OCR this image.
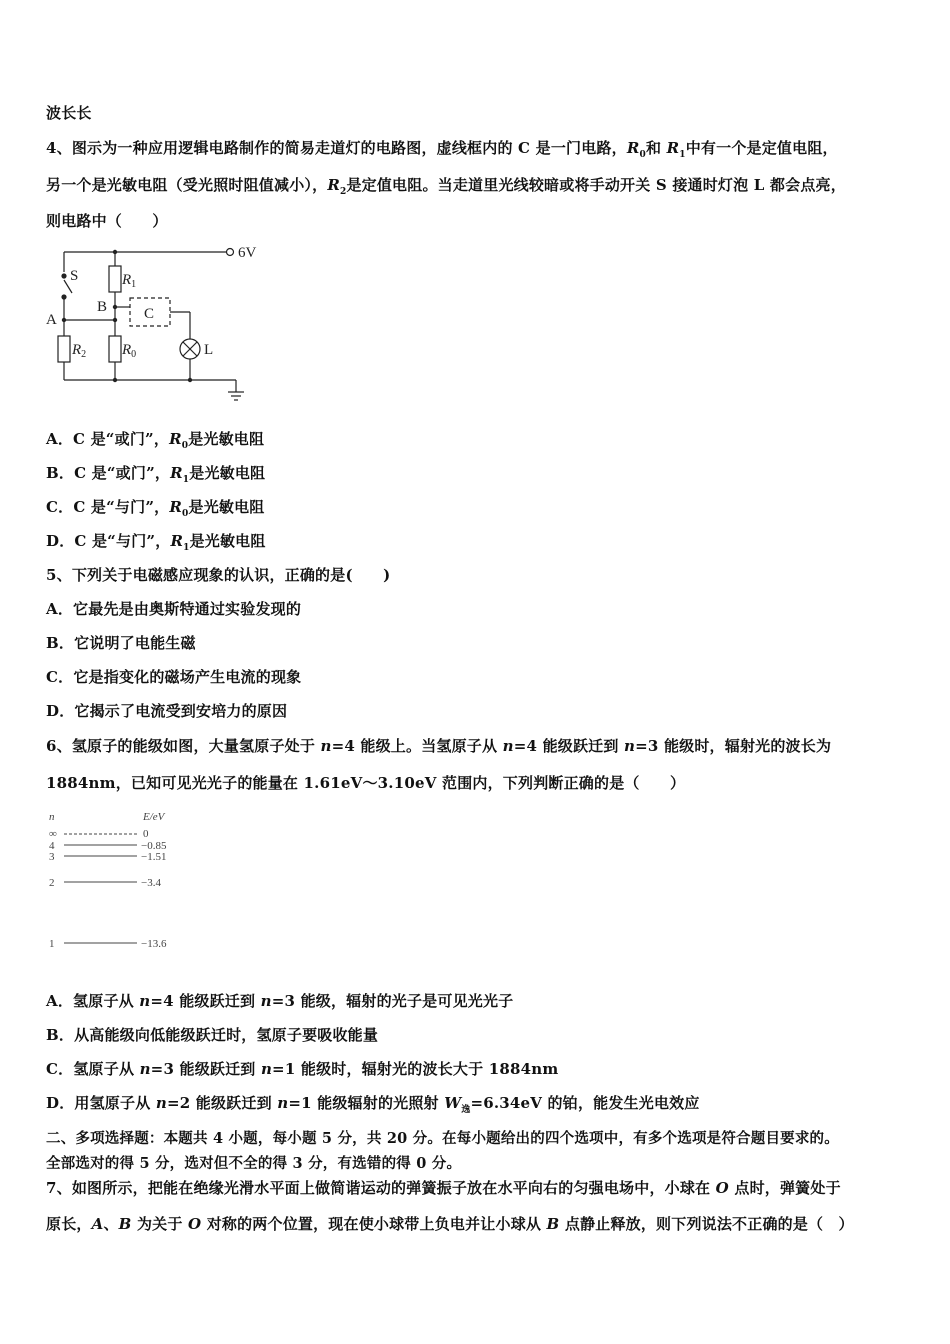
波长长
4、图示为一种应用逻辑电路制作的简易走道灯的电路图，虚线框内的 C 是一门电路，$R_0$和 $R_1$中有一个是定值电阻，
另一个是光敏电阻（受光照时阻值减小），$R_2$是定值电阻。当走道里光线较暗或将手动开关 S 接通时灯泡 L 都会点亮，
则电路中（　　）
6V
S
A
B C
L
$R_1$
$R_2$ $R_0$
A．C 是“或门”，$R_0$是光敏电阻
B．C 是“或门”，$R_1$是光敏电阻
C．C 是“与门”，$R_0$是光敏电阻
D．C 是“与门”，$R_1$是光敏电阻
5、下列关于电磁感应现象的认识，正确的是(　　)
A．它最先是由奥斯特通过实验发现的
B．它说明了电能生磁
C．它是指变化的磁场产生电流的现象
D．它揭示了电流受到安培力的原因
6、氢原子的能级如图，大量氢原子处于 n=4 能级上。当氢原子从 n=4 能级跃迁到 n=3 能级时，辐射光的波长为
1884nm，已知可见光光子的能量在 1.61eV～3.10eV 范围内，下列判断正确的是（　　）
n	E/eV
∞	0
4	−0.85
3	−1.51
2	−3.4
1	−13.6
A．氢原子从 n=4 能级跃迁到 n=3 能级，辐射的光子是可见光光子
B．从高能级向低能级跃迁时，氢原子要吸收能量
C．氢原子从 n=3 能级跃迁到 n=1 能级时，辐射光的波长大于 1884nm
D．用氢原子从 n=2 能级跃迁到 n=1 能级辐射的光照射 $W_逸=6.34eV$ 的铂，能发生光电效应
二、多项选择题：本题共 4 小题，每小题 5 分，共 20 分。在每小题给出的四个选项中，有多个选项是符合题目要求的。
全部选对的得 5 分，选对但不全的得 3 分，有选错的得 0 分。
7、如图所示，把能在绝缘光滑水平面上做简谐运动的弹簧振子放在水平向右的匀强电场中，小球在 O 点时，弹簧处于
原长，A、B 为关于 O 对称的两个位置，现在使小球带上负电并让小球从 B 点静止释放，则下列说法不正确的是（　）
